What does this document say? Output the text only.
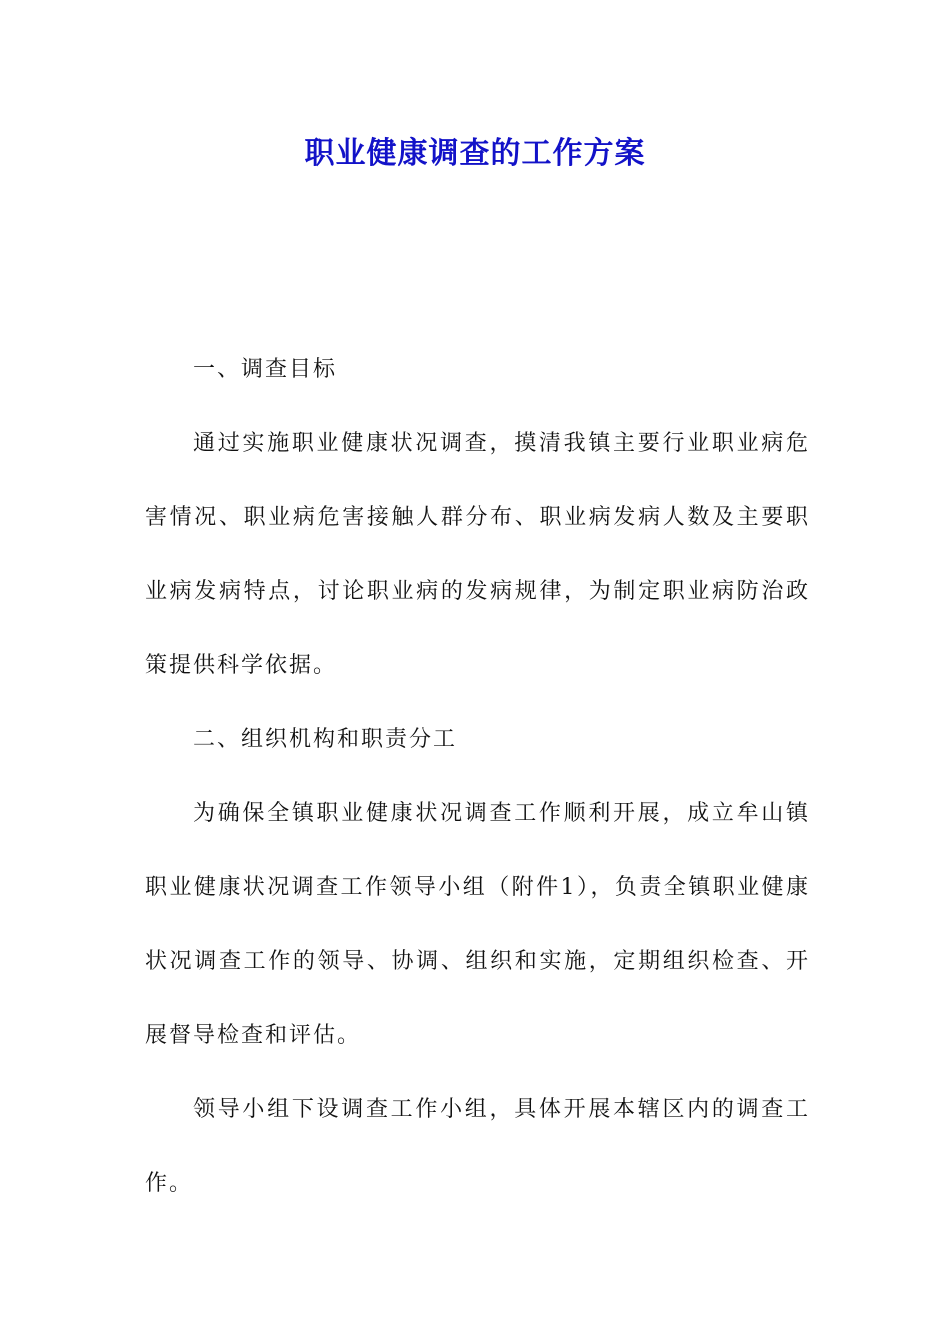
职业健康调查的工作方案

一、调查目标

通过实施职业健康状况调查，摸清我镇主要行业职业病危害情况、职业病危害接触人群分布、职业病发病人数及主要职业病发病特点，讨论职业病的发病规律，为制定职业病防治政策提供科学依据。

二、组织机构和职责分工

为确保全镇职业健康状况调查工作顺利开展，成立牟山镇职业健康状况调查工作领导小组（附件1），负责全镇职业健康状况调查工作的领导、协调、组织和实施，定期组织检查、开展督导检查和评估。

领导小组下设调查工作小组，具体开展本辖区内的调查工作。
